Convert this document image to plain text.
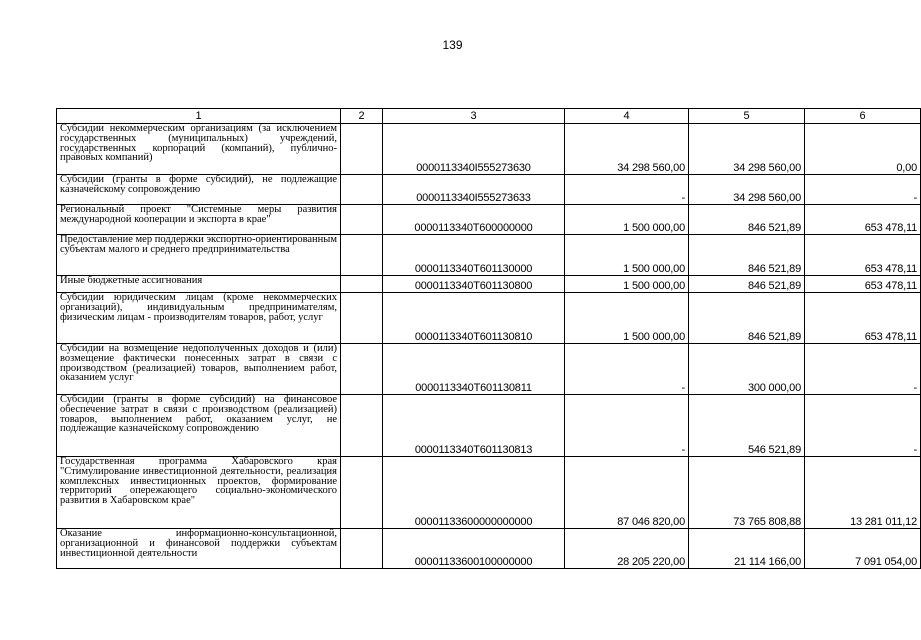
139
1	2	3	4	5	6
Субсидии некоммерческим организациям (за исключением государственных (муниципальных) учреждений, государственных корпораций (компаний), публично-правовых компаний)		0000113340I555273630	34 298 560,00	34 298 560,00	0,00
Субсидии (гранты в форме субсидий), не подлежащие казначейскому сопровождению		0000113340I555273633	-	34 298 560,00	-
Региональный проект "Системные меры развития международной кооперации и экспорта в крае"		0000113340T600000000	1 500 000,00	846 521,89	653 478,11
Предоставление мер поддержки экспортно-ориентированным субъектам малого и среднего предпринимательства		0000113340T601130000	1 500 000,00	846 521,89	653 478,11
Иные бюджетные ассигнования		0000113340T601130800	1 500 000,00	846 521,89	653 478,11
Субсидии юридическим лицам (кроме некоммерческих организаций), индивидуальным предпринимателям, физическим лицам - производителям товаров, работ, услуг		0000113340T601130810	1 500 000,00	846 521,89	653 478,11
Субсидии на возмещение недополученных доходов и (или) возмещение фактически понесенных затрат в связи с производством (реализацией) товаров, выполнением работ, оказанием услуг		0000113340T601130811	-	300 000,00	-
Субсидии (гранты в форме субсидий) на финансовое обеспечение затрат в связи с производством (реализацией) товаров, выполнением работ, оказанием услуг, не подлежащие казначейскому сопровождению		0000113340T601130813	-	546 521,89	-
Государственная программа Хабаровского края "Стимулирование инвестиционной деятельности, реализация комплексных инвестиционных проектов, формирование территорий опережающего социально-экономического развития в Хабаровском крае"		00001133600000000000	87 046 820,00	73 765 808,88	13 281 011,12
Оказание информационно-консультационной, организационной и финансовой поддержки субъектам инвестиционной деятельности		00001133600100000000	28 205 220,00	21 114 166,00	7 091 054,00
